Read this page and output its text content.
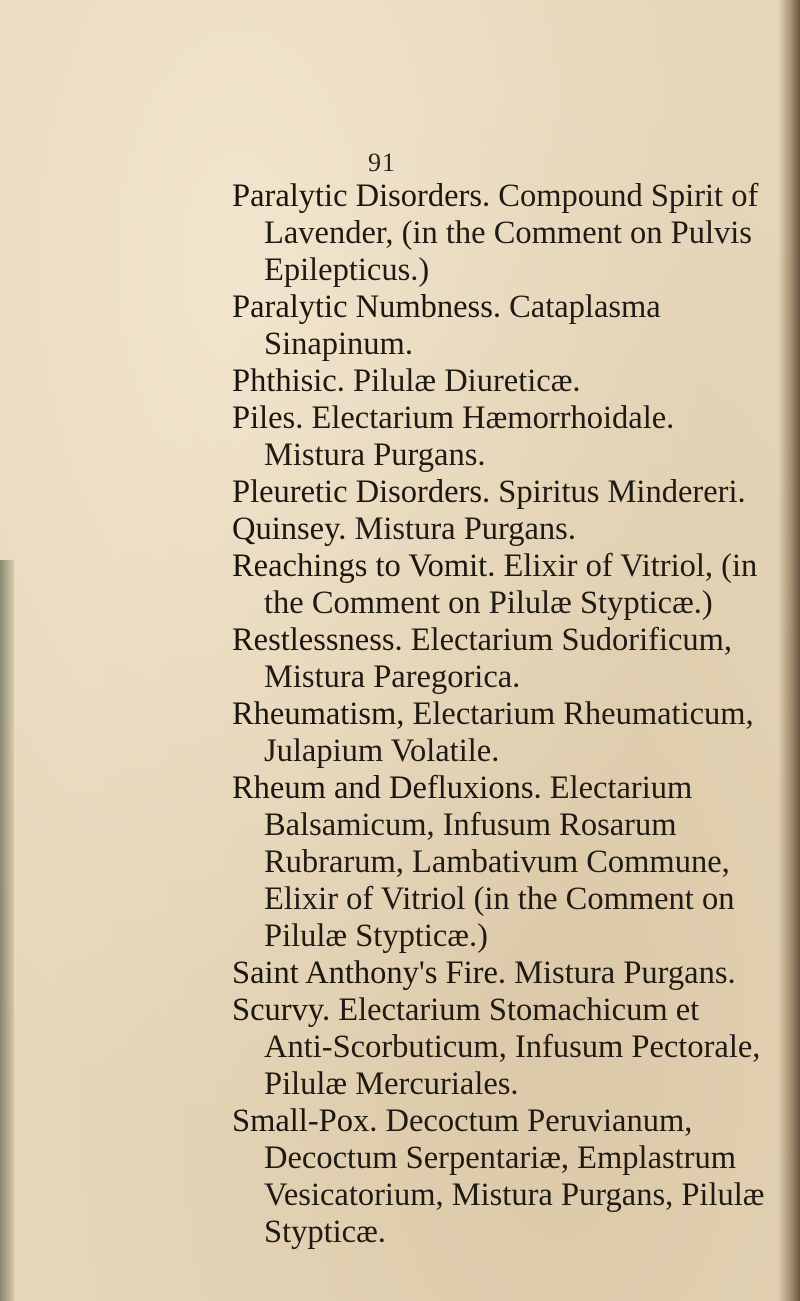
91

Paralytic Disorders. Compound Spirit of Lavender, (in the Comment on Pulvis Epilepticus.)

Paralytic Numbness. Cataplasma Sinapinum.

Phthisic. Pilulæ Diureticæ.

Piles. Electarium Hæmorrhoidale. Mistura Purgans.

Pleuretic Disorders. Spiritus Mindereri.

Quinsey. Mistura Purgans.

Reachings to Vomit. Elixir of Vitriol, (in the Comment on Pilulæ Stypticæ.)

Restlessness. Electarium Sudorificum, Mistura Paregorica.

Rheumatism, Electarium Rheumaticum, Julapium Volatile.

Rheum and Defluxions. Electarium Balsamicum, Infusum Rosarum Rubrarum, Lambativum Commune, Elixir of Vitriol (in the Comment on Pilulæ Stypticæ.)

Saint Anthony's Fire. Mistura Purgans.

Scurvy. Electarium Stomachicum et Anti-Scorbuticum, Infusum Pectorale, Pilulæ Mercuriales.

Small-Pox. Decoctum Peruvianum, Decoctum Serpentariæ, Emplastrum Vesicatorium, Mistura Purgans, Pilulæ Stypticæ.
